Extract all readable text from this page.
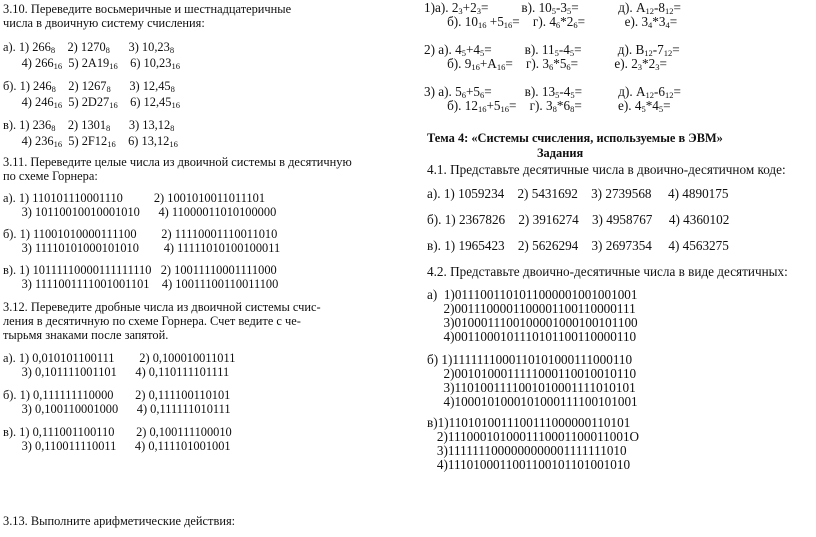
3.10. Переведите восьмеричные и шестнадцатеричные
числа в двоичную систему счисления:
а). 1) $266_8$    2) $1270_8$      3) $10,23_8$
4) $266_{16}$  5) $2A19_{16}$    6) $10,23_{16}$
б). 1) $246_8$    2) $1267_8$      3) $12,45_8$
4) $246_{16}$  5) $2D27_{16}$    6) $12,45_{16}$
в). 1) $236_8$    2) $1301_8$      3) $13,12_8$
4) $236_{16}$  5) $2F12_{16}$    6) $13,12_{16}$
3.11. Переведите целые числа из двоичной системы в десятичную
по схеме Горнера:
а). 1) 110101110001110          2) 1001010011011101
3) 10110010010001010      4) 11000011010100000
б). 1) 11001010000111100        2) 11110001110011010
3) 11110101000101010        4) 11111010100100011
в). 1) 10111110000111111110   2) 10011110001111000
3) 1111001111001001101    4) 10011100110011100
3.12. Переведите дробные числа из двоичной системы счис-
ления в десятичную по схеме Горнера. Счет ведите с че-
тырьмя знаками после запятой.
а). 1) 0,010101100111        2) 0,100010011011
3) 0,101111001101      4) 0,110111101111
б). 1) 0,111111110000       2) 0,111100110101
3) 0,100110001000      4) 0,111111010111
в). 1) 0,111001100110       2) 0,100111100010
3) 0,110011110011      4) 0,111101001001
3.13. Выполните арифметические действия:
1)а). $2_3+2_3=$          в). $10_5-3_5=$            д). $A_{12}-8_{12}=$
б). $10_{16} +5_{16}=$    г). $4_6*2_6=$            е). $3_4*3_4=$
2) а). $4_5+4_5=$          в). $11_5-4_5=$           д). $B_{12}-7_{12}=$
б). $9_{16}+A_{16}=$    г). $3_6*5_6=$           е). $2_3*2_3=$
3) а). $5_6+5_6=$          в). $13_5-4_5=$           д). $A_{12}-6_{12}=$
б). $12_{16}+5_{16}=$    г). $3_8*6_8=$           е). $4_5*4_5=$
Тема 4: «Системы счисления, используемые в ЭВМ»
Задания
4.1. Представьте десятичные числа в двоично-десятичном коде:
а). 1) 1059234    2) 5431692    3) 2739568     4) 4890175
б). 1) 2367826    2) 3916274    3) 4958767     4) 4360102
в). 1) 1965423    2) 5626294    3) 2697354     4) 4563275
4.2. Представьте двоично-десятичные числа в виде десятичных:
а)  1)0111001101011000001001001001
2)0011100001100001100110000111
3)0100011100100001000100101100
4)0011000101110101100110000110
б) 1)1111111000110101000111000110
2)0010100011111000110010010110
3)1101001111001010001111010101
4)1000101000101000111100101001
в)1)1101010011100111000000110101
2)1110001010001110001100011001О
3)1111111000000000001111111010
4)1110100011001100101101001010
